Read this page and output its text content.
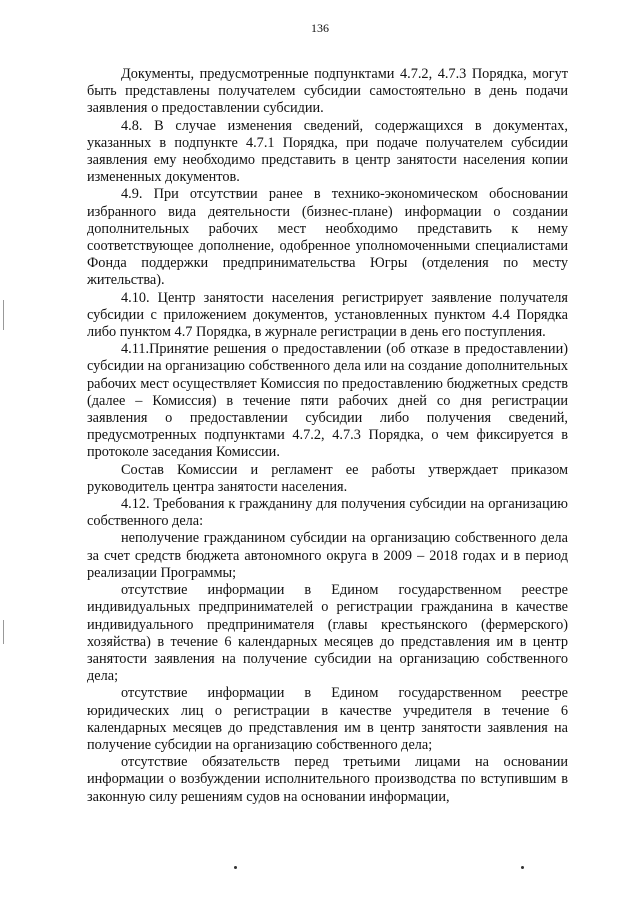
136

Документы, предусмотренные подпунктами 4.7.2, 4.7.3 Порядка, могут быть представлены получателем субсидии самостоятельно в день подачи заявления о предоставлении субсидии.

4.8. В случае изменения сведений, содержащихся в документах, указанных в подпункте 4.7.1 Порядка, при подаче получателем субсидии заявления ему необходимо представить в центр занятости населения копии измененных документов.

4.9. При отсутствии ранее в технико-экономическом обосновании избранного вида деятельности (бизнес-плане) информации о создании дополнительных рабочих мест необходимо представить к нему соответствующее дополнение, одобренное уполномоченными специалистами Фонда поддержки предпринимательства Югры (отделения по месту жительства).

4.10. Центр занятости населения регистрирует заявление получателя субсидии с приложением документов, установленных пунктом 4.4 Порядка либо пунктом 4.7 Порядка, в журнале регистрации в день его поступления.

4.11.Принятие решения о предоставлении (об отказе в предоставлении) субсидии на организацию собственного дела или на создание дополнительных рабочих мест осуществляет Комиссия по предоставлению бюджетных средств (далее – Комиссия) в течение пяти рабочих дней со дня регистрации заявления о предоставлении субсидии либо получения сведений, предусмотренных подпунктами 4.7.2, 4.7.3 Порядка, о чем фиксируется в протоколе заседания Комиссии.

Состав Комиссии и регламент ее работы утверждает приказом руководитель центра занятости населения.

4.12. Требования к гражданину для получения субсидии на организацию собственного дела:

неполучение гражданином субсидии на организацию собственного дела за счет средств бюджета автономного округа в 2009 – 2018 годах и в период реализации Программы;

отсутствие информации в Едином государственном реестре индивидуальных предпринимателей о регистрации гражданина в качестве индивидуального предпринимателя (главы крестьянского (фермерского) хозяйства) в течение 6 календарных месяцев до представления им в центр занятости заявления на получение субсидии на организацию собственного дела;

отсутствие информации в Едином государственном реестре юридических лиц о регистрации в качестве учредителя в течение 6 календарных месяцев до представления им в центр занятости заявления на получение субсидии на организацию собственного дела;

отсутствие обязательств перед третьими лицами на основании информации о возбуждении исполнительного производства по вступившим в законную силу решениям судов на основании информации,
